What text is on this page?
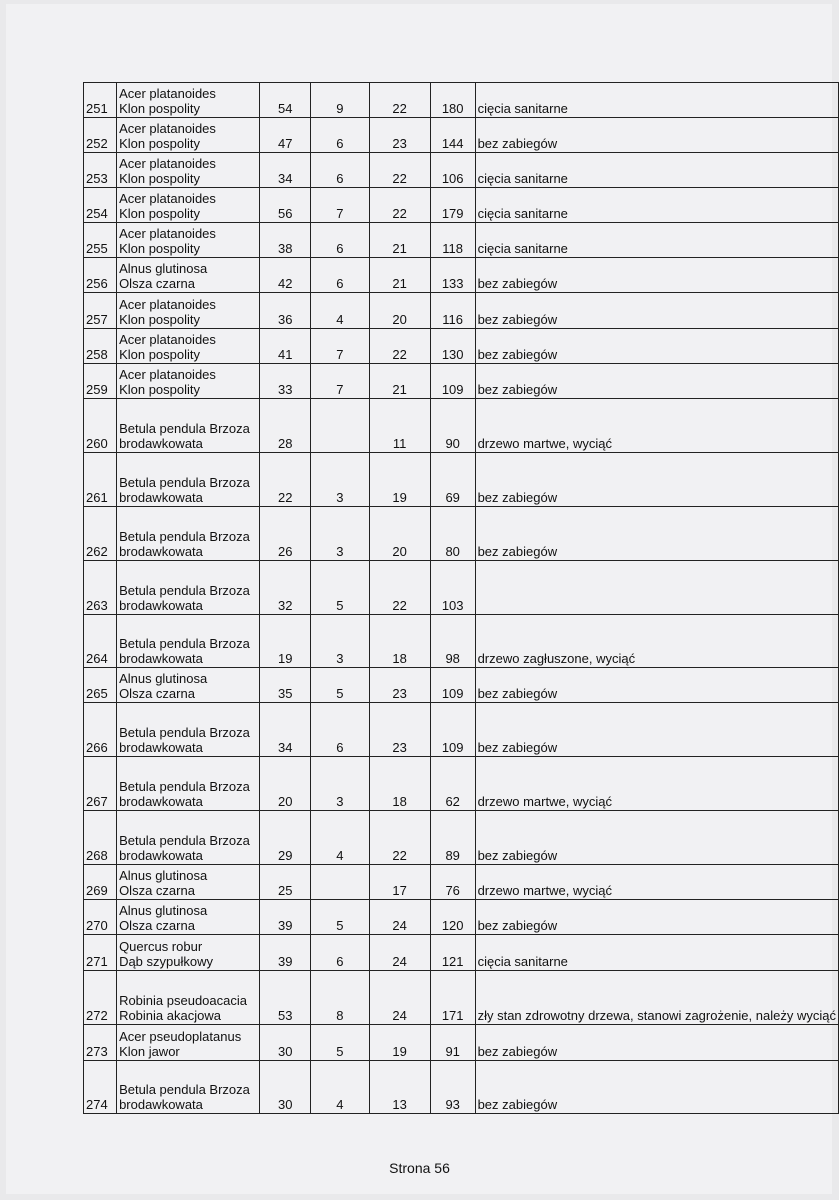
251	Acer platanoides
Klon pospolity	54	9	22	180	cięcia sanitarne
252	Acer platanoides
Klon pospolity	47	6	23	144	bez zabiegów
253	Acer platanoides
Klon pospolity	34	6	22	106	cięcia sanitarne
254	Acer platanoides
Klon pospolity	56	7	22	179	cięcia sanitarne
255	Acer platanoides
Klon pospolity	38	6	21	118	cięcia sanitarne
256	Alnus glutinosa
Olsza czarna	42	6	21	133	bez zabiegów
257	Acer platanoides
Klon pospolity	36	4	20	116	bez zabiegów
258	Acer platanoides
Klon pospolity	41	7	22	130	bez zabiegów
259	Acer platanoides
Klon pospolity	33	7	21	109	bez zabiegów
260	Betula pendula Brzoza
brodawkowata	28		11	90	drzewo martwe, wyciąć
261	Betula pendula Brzoza
brodawkowata	22	3	19	69	bez zabiegów
262	Betula pendula Brzoza
brodawkowata	26	3	20	80	bez zabiegów
263	Betula pendula Brzoza
brodawkowata	32	5	22	103	
264	Betula pendula Brzoza
brodawkowata	19	3	18	98	drzewo zagłuszone, wyciąć
265	Alnus glutinosa
Olsza czarna	35	5	23	109	bez zabiegów
266	Betula pendula Brzoza
brodawkowata	34	6	23	109	bez zabiegów
267	Betula pendula Brzoza
brodawkowata	20	3	18	62	drzewo martwe, wyciąć
268	Betula pendula Brzoza
brodawkowata	29	4	22	89	bez zabiegów
269	Alnus glutinosa
Olsza czarna	25		17	76	drzewo martwe, wyciąć
270	Alnus glutinosa
Olsza czarna	39	5	24	120	bez zabiegów
271	Quercus robur
Dąb szypułkowy	39	6	24	121	cięcia sanitarne
272	Robinia pseudoacacia
Robinia akacjowa	53	8	24	171	zły stan zdrowotny drzewa, stanowi zagrożenie, należy wyciąć
273	Acer pseudoplatanus
Klon jawor	30	5	19	91	bez zabiegów
274	Betula pendula Brzoza
brodawkowata	30	4	13	93	bez zabiegów
Strona 56
